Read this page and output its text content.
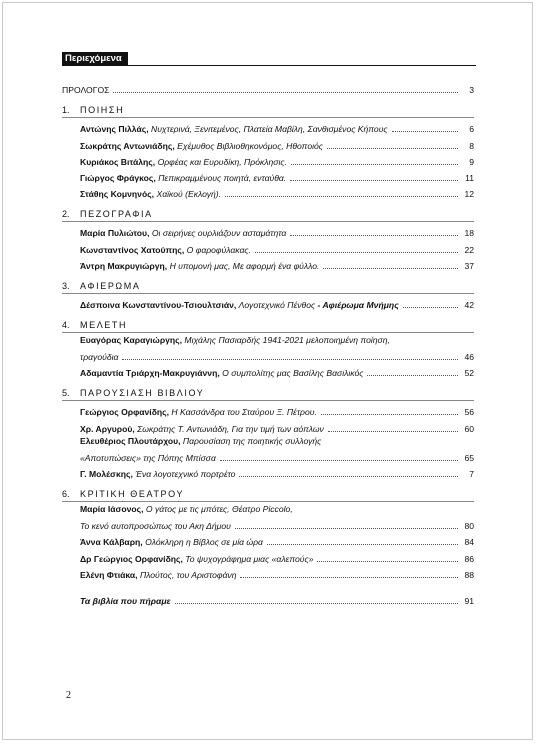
Περιεχόμενα
ΠΡΟΛΟΓΟΣ	3
1.	ΠΟΙΗΣΗ
Αντώνης Πιλλάς, Νυχτερινά, Ξενιτεμένος, Πλατεία Μαβίλη, Σανθισμένος Κήπους	6
Σωκράτης Αντωνιάδης, Εχέμυθος Βιβλιοθηκονόμος, Ηθοποιός	8
Κυριάκος Βιτάλης, Ορφέας και Ευρυδίκη, Πρόκλησις.	9
Γιώργος Φράγκος, Πεπικραμμένους ποιητά, ενταύθα.	11
Στάθης Κομνηνός, Χαϊκού (Εκλογή).	12
2.	ΠΕΖΟΓΡΑΦΙΑ
Μαρία Πυλιώτου, Οι σειρήνες ουρλιάζουν ασταμάτητα	18
Κωνσταντίνος Χατούπης, Ο φαροφύλακας.	22
Άντρη Μακρυγιώργη, Η υπομονή μας, Με αφορμή ένα φύλλο.	37
3.	ΑΦΙΕΡΩΜΑ
Δέσποινα Κωνσταντίνου-Τσιουλτσιάν, Λογοτεχνικό Πένθος - Αφιέρωμα Μνήμης	42
4.	ΜΕΛΕΤΗ
Ευαγόρας Καραγιώργης, Μιχάλης Πασιαρδής 1941-2021 μελοποιημένη ποίηση,
τραγούδια	46
Αδαμαντία Τριάρχη-Μακρυγιάννη, Ο συμπολίτης μας Βασίλης Βασιλικός	52
5.	ΠΑΡΟΥΣΙΑΣΗ ΒΙΒΛΙΟΥ
Γεώργιος Ορφανίδης, Η Κασσάνδρα του Σταύρου Ξ. Πέτρου.	56
Χρ. Αργυρού, Σωκράτης Τ. Αντωνιάδη, Για την τιμή των αόπλων	60
Ελευθέριος Πλουτάρχου, Παρουσίαση της ποιητικής συλλογής
«Αποτυπώσεις» της Πόπης Μπίσσα	65
Γ. Μολέσκης, Ένα λογοτεχνικό πορτρέτο	7
6.	ΚΡΙΤΙΚΗ ΘΕΑΤΡΟΥ
Μαρία Ιάσονος, Ο γάτος με τις μπότες, Θέατρο Piccolo,
Το κενό αυτοπροσώπως του Ακη Δήμου	80
Άννα Κάλβαρη, Ολόκληρη η Βίβλος σε μία ώρα	84
Δρ Γεώργιος Ορφανίδης, Το ψυχογράφημα μιας «αλεπούς»	86
Ελένη Φτιάκα, Πλούτος, του Αριστοφάνη	88
Τα βιβλία που πήραμε	91
2
